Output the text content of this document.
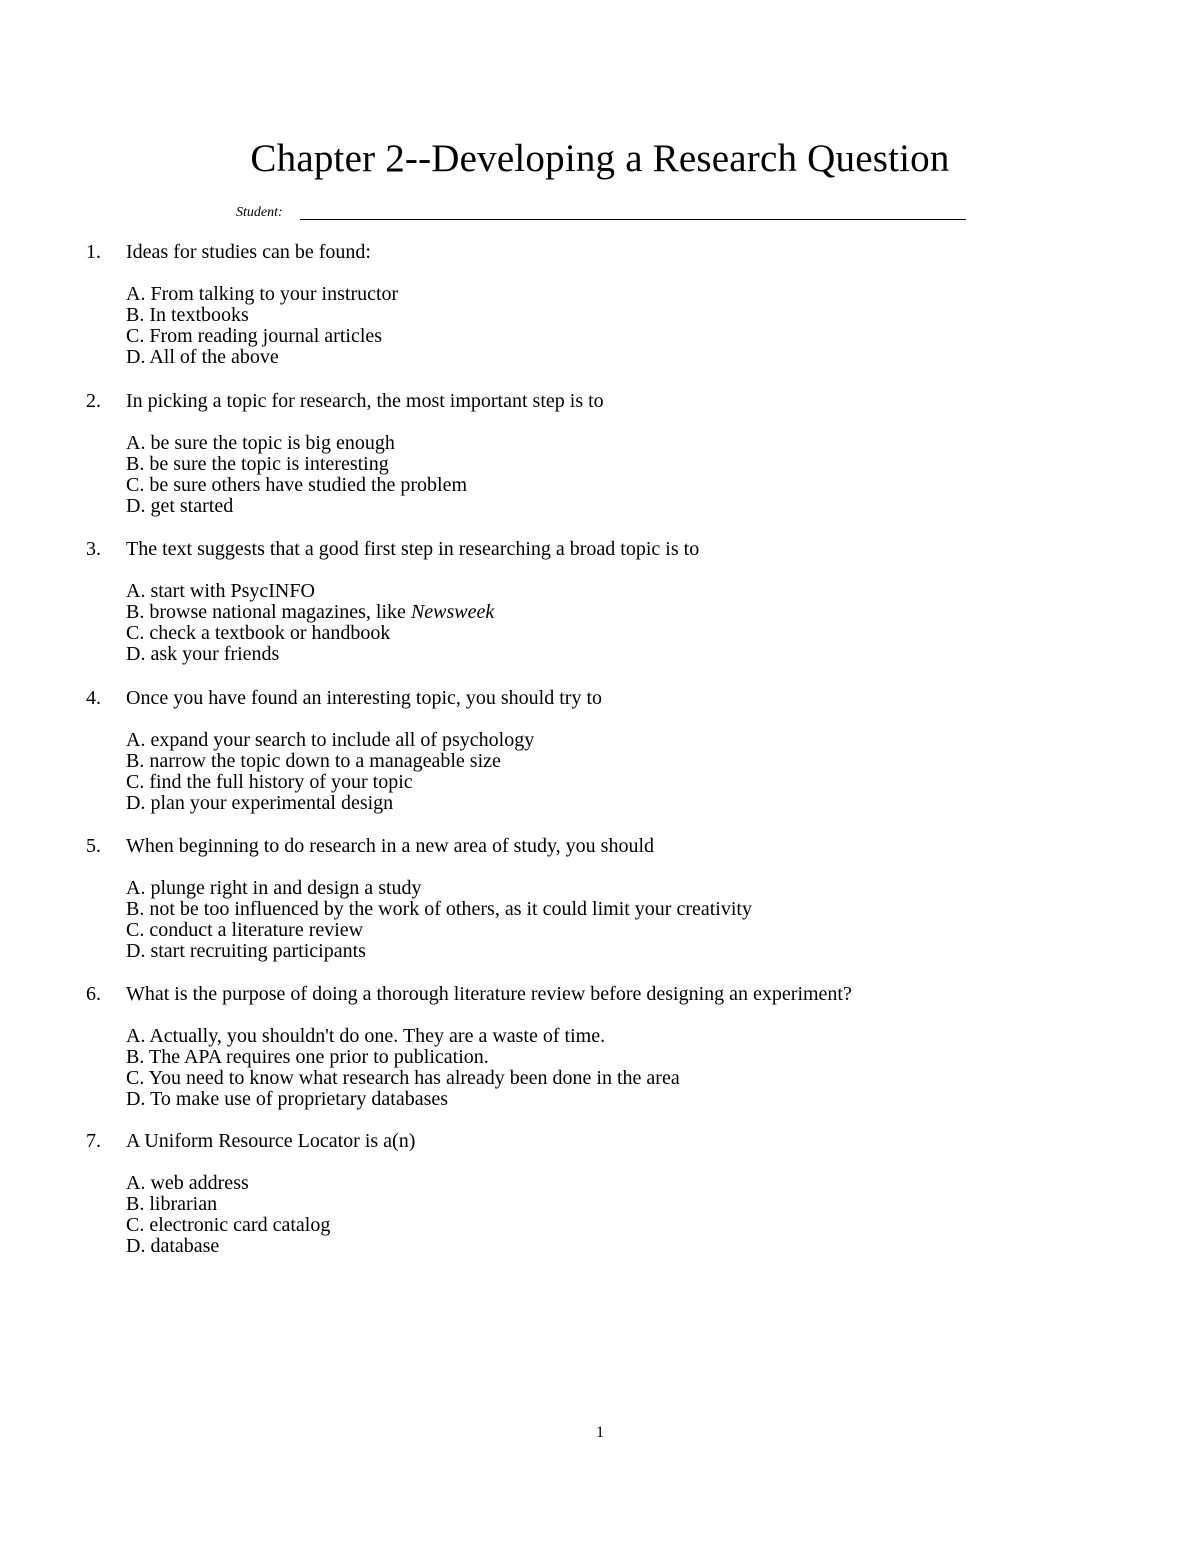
Chapter 2--Developing a Research Question
Student:
1. Ideas for studies can be found:
A. From talking to your instructor
B. In textbooks
C. From reading journal articles
D. All of the above
2. In picking a topic for research, the most important step is to
A. be sure the topic is big enough
B. be sure the topic is interesting
C. be sure others have studied the problem
D. get started
3. The text suggests that a good first step in researching a broad topic is to
A. start with PsycINFO
B. browse national magazines, like Newsweek
C. check a textbook or handbook
D. ask your friends
4. Once you have found an interesting topic, you should try to
A. expand your search to include all of psychology
B. narrow the topic down to a manageable size
C. find the full history of your topic
D. plan your experimental design
5. When beginning to do research in a new area of study, you should
A. plunge right in and design a study
B. not be too influenced by the work of others, as it could limit your creativity
C. conduct a literature review
D. start recruiting participants
6. What is the purpose of doing a thorough literature review before designing an experiment?
A. Actually, you shouldn't do one. They are a waste of time.
B. The APA requires one prior to publication.
C. You need to know what research has already been done in the area
D. To make use of proprietary databases
7. A Uniform Resource Locator is a(n)
A. web address
B. librarian
C. electronic card catalog
D. database
1
